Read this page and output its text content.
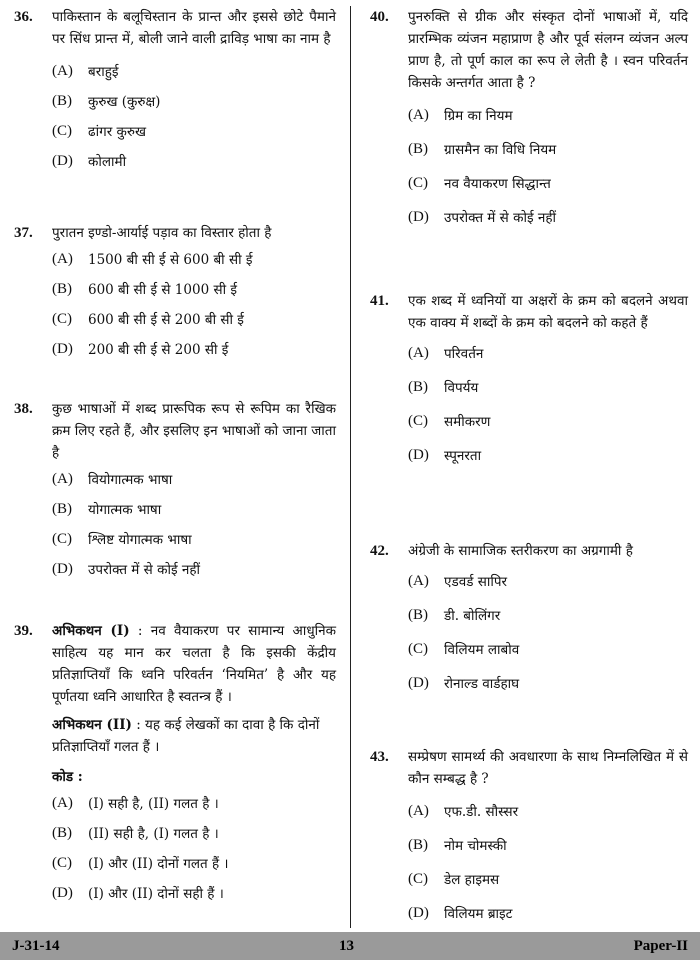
36.	पाकिस्तान के बलूचिस्तान के प्रान्त और इससे छोटे पैमाने पर सिंध प्रान्त में, बोली जाने वाली द्राविड़ भाषा का नाम है
(A)	बराहुई
(B)	कुरुख (कुरुक्ष)
(C)	ढांगर कुरुख
(D)	कोलामी
37.	पुरातन इण्डो-आर्याई पड़ाव का विस्तार होता है
(A)	1500 बी सी ई से 600 बी सी ई
(B)	600 बी सी ई से 1000 सी ई
(C)	600 बी सी ई से 200 बी सी ई
(D)	200 बी सी ई से 200 सी ई
38.	कुछ भाषाओं में शब्द प्रारूपिक रूप से रूपिम का रैखिक क्रम लिए रहते हैं, और इसलिए इन भाषाओं को जाना जाता है
(A)	वियोगात्मक भाषा
(B)	योगात्मक भाषा
(C)	श्लिष्ट योगात्मक भाषा
(D)	उपरोक्त में से कोई नहीं
39.	अभिकथन (I) : नव वैयाकरण पर सामान्य आधुनिक साहित्य यह मान कर चलता है कि इसकी केंद्रीय प्रतिज्ञाप्तियाँ कि ध्वनि परिवर्तन ‘नियमित’ है और यह पूर्णतया ध्वनि आधारित है स्वतन्त्र हैं ।
अभिकथन (II) : यह कई लेखकों का दावा है कि दोनों प्रतिज्ञाप्तियाँ गलत हैं ।
कोड :
(A)	(I) सही है, (II) गलत है ।
(B)	(II) सही है, (I) गलत है ।
(C)	(I) और (II) दोनों गलत हैं ।
(D)	(I) और (II) दोनों सही हैं ।
40.	पुनरुक्ति से ग्रीक और संस्कृत दोनों भाषाओं में, यदि प्रारम्भिक व्यंजन महाप्राण है और पूर्व संलग्न व्यंजन अल्प प्राण है, तो पूर्ण काल का रूप ले लेती है । स्वन परिवर्तन किसके अन्तर्गत आता है ?
(A)	ग्रिम का नियम
(B)	ग्रासमैन का विधि नियम
(C)	नव वैयाकरण सिद्धान्त
(D)	उपरोक्त में से कोई नहीं
41.	एक शब्द में ध्वनियों या अक्षरों के क्रम को बदलने अथवा एक वाक्य में शब्दों के क्रम को बदलने को कहते हैं
(A)	परिवर्तन
(B)	विपर्यय
(C)	समीकरण
(D)	स्पूनरता
42.	अंग्रेजी के सामाजिक स्तरीकरण का अग्रगामी है
(A)	एडवर्ड सापिर
(B)	डी. बोलिंगर
(C)	विलियम लाबोव
(D)	रोनाल्ड वार्डहाघ
43.	सम्प्रेषण सामर्थ्य की अवधारणा के साथ निम्नलिखित में से कौन सम्बद्ध है ?
(A)	एफ.डी. सौस्सर
(B)	नोम चोमस्की
(C)	डेल हाइमस
(D)	विलियम ब्राइट
J-31-14	13	Paper-II
